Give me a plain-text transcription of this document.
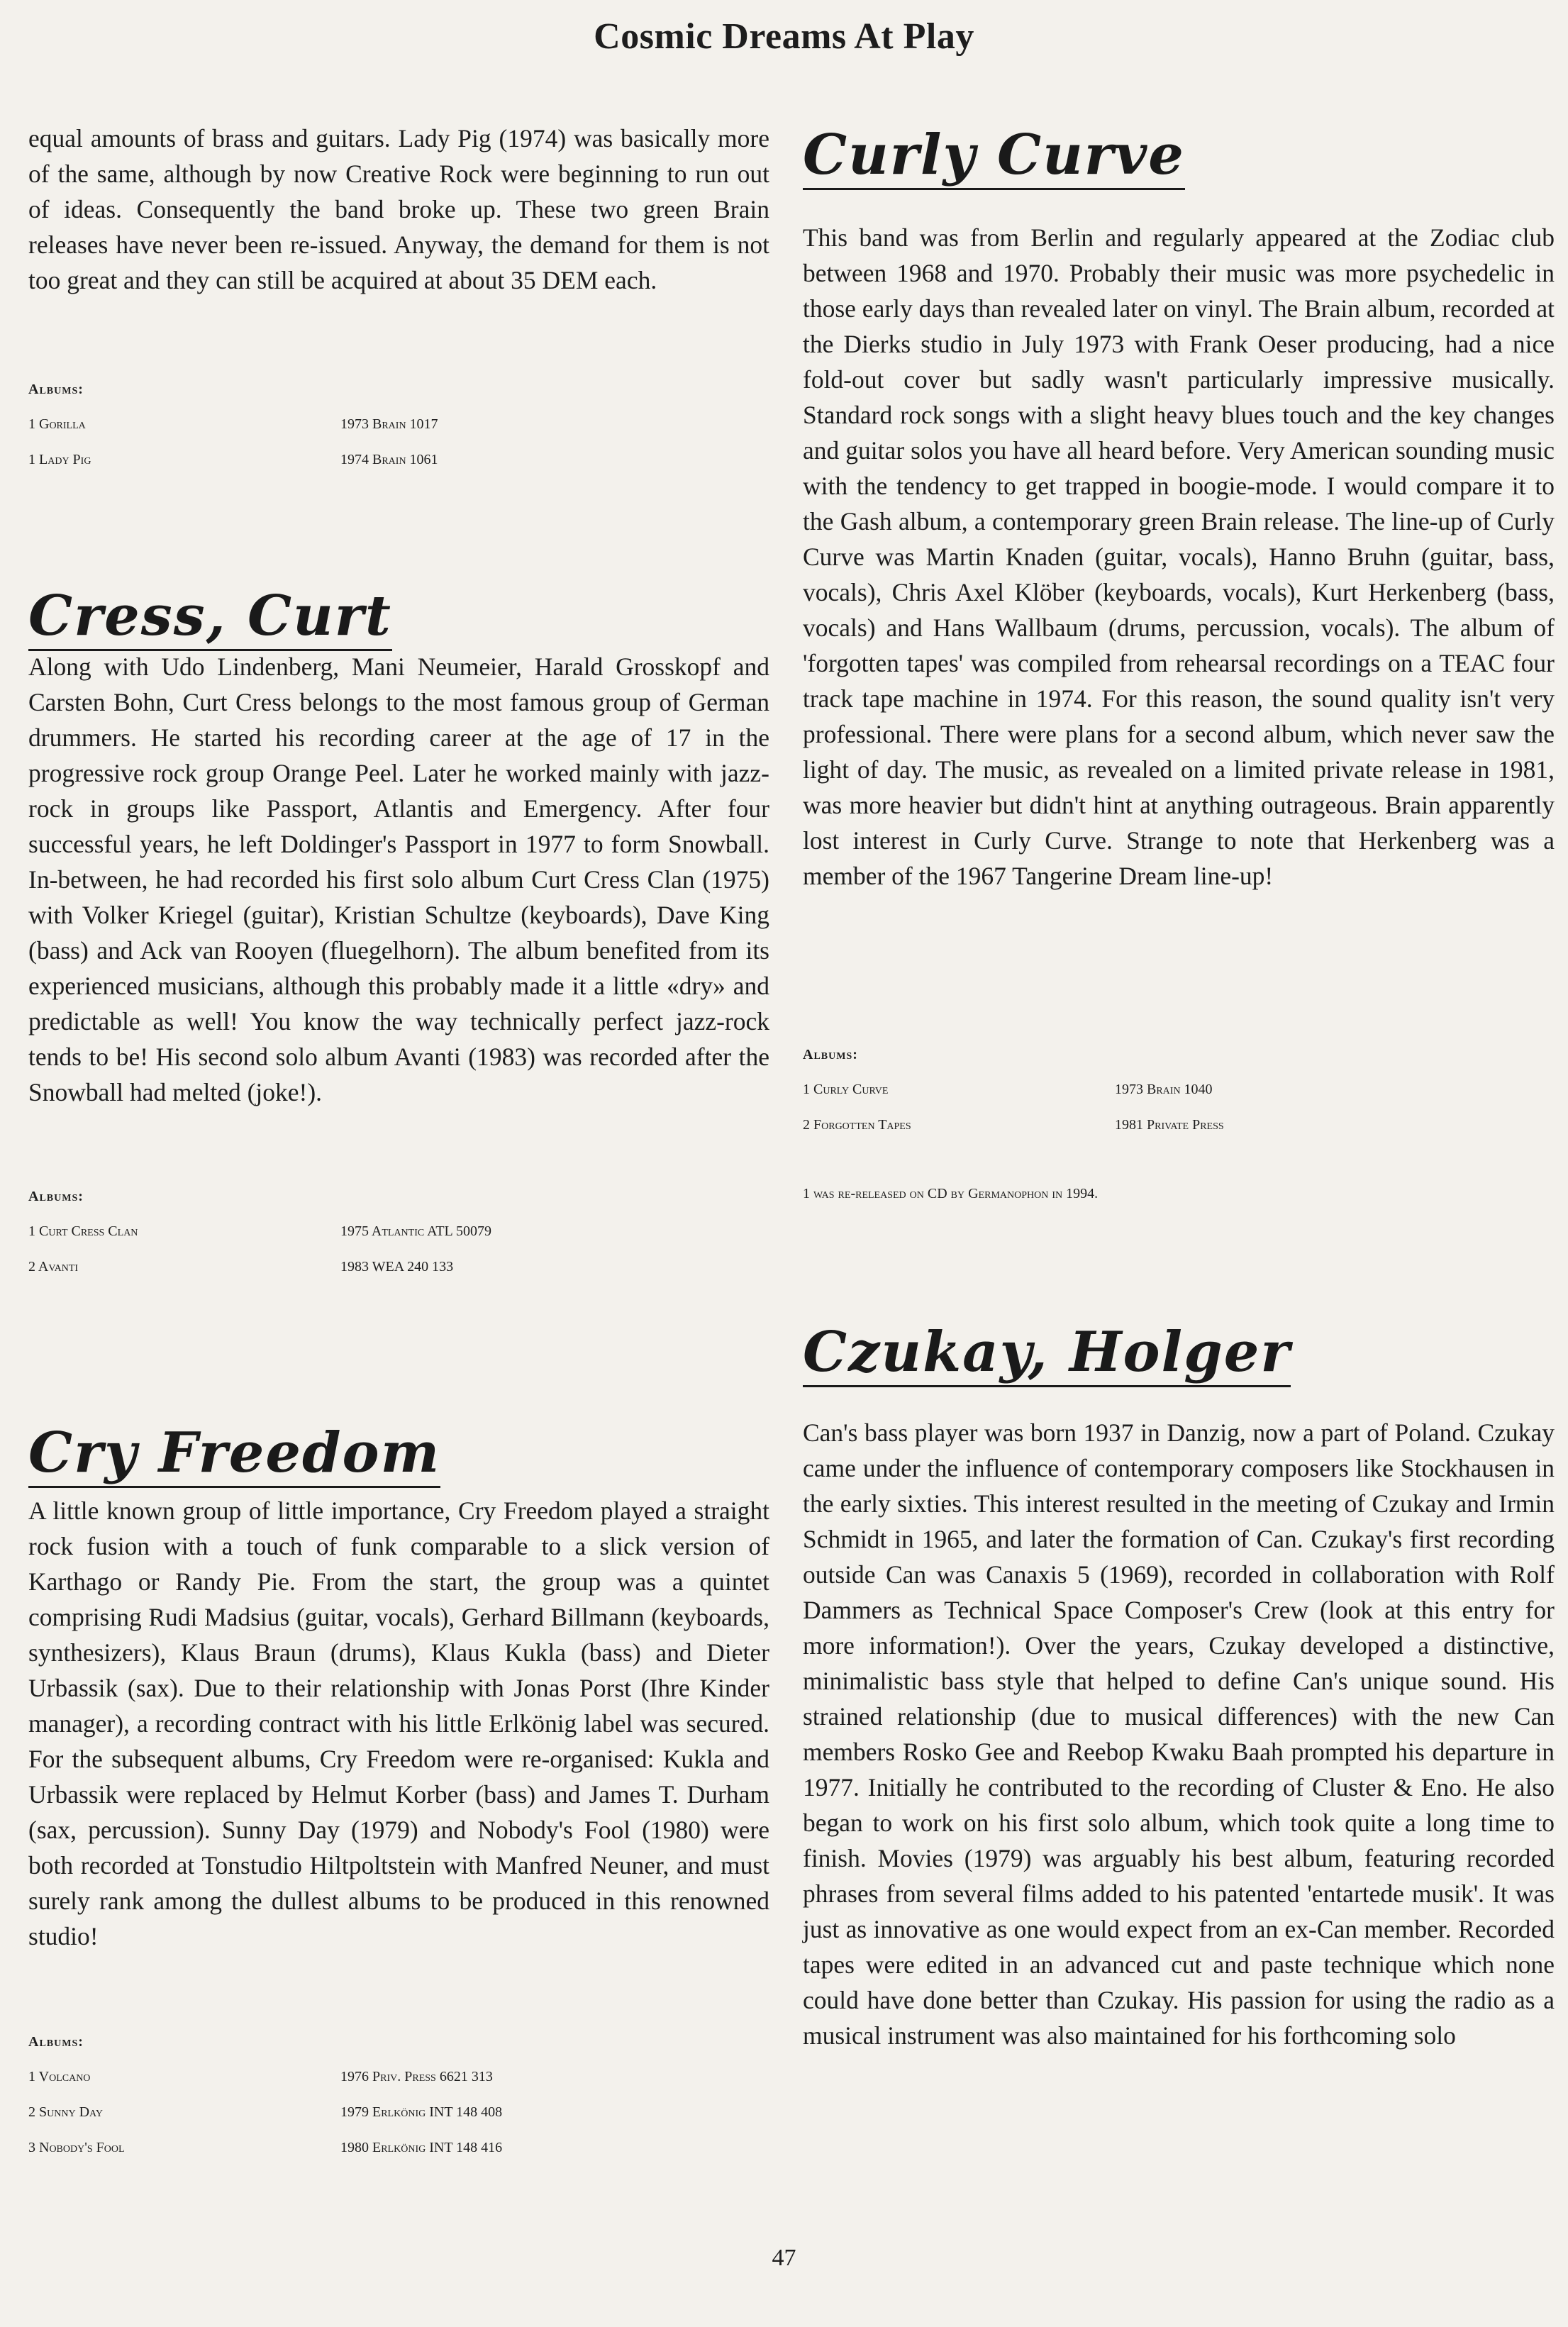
Cosmic Dreams At Play

equal amounts of brass and guitars. Lady Pig (1974) was basically more of the same, although by now Creative Rock were beginning to run out of ideas. Consequently the band broke up. These two green Brain releases have never been re-issued. Anyway, the demand for them is not too great and they can still be acquired at about 35 DEM each.

Albums:
1 Gorilla	1973 Brain 1017
1 Lady Pig	1974 Brain 1061
Cress, Curt

Along with Udo Lindenberg, Mani Neumeier, Harald Grosskopf and Carsten Bohn, Curt Cress belongs to the most famous group of German drummers. He started his recording career at the age of 17 in the progressive rock group Orange Peel. Later he worked mainly with jazz-rock in groups like Passport, Atlantis and Emergency. After four successful years, he left Doldinger's Passport in 1977 to form Snowball. In-between, he had recorded his first solo album Curt Cress Clan (1975) with Volker Kriegel (guitar), Kristian Schultze (keyboards), Dave King (bass) and Ack van Rooyen (fluegelhorn). The album benefited from its experienced musicians, although this probably made it a little «dry» and predictable as well! You know the way technically perfect jazz-rock tends to be! His second solo album Avanti (1983) was recorded after the Snowball had melted (joke!).

Albums:
1 Curt Cress Clan	1975 Atlantic ATL 50079
2 Avanti	1983 WEA 240 133
Cry Freedom

A little known group of little importance, Cry Freedom played a straight rock fusion with a touch of funk comparable to a slick version of Karthago or Randy Pie. From the start, the group was a quintet comprising Rudi Madsius (guitar, vocals), Gerhard Billmann (keyboards, synthesizers), Klaus Braun (drums), Klaus Kukla (bass) and Dieter Urbassik (sax). Due to their relationship with Jonas Porst (Ihre Kinder manager), a recording contract with his little Erlkönig label was secured. For the subsequent albums, Cry Freedom were re-organised: Kukla and Urbassik were replaced by Helmut Korber (bass) and James T. Durham (sax, percussion). Sunny Day (1979) and Nobody's Fool (1980) were both recorded at Tonstudio Hiltpoltstein with Manfred Neuner, and must surely rank among the dullest albums to be produced in this renowned studio!

Albums:
1 Volcano	1976 Priv. Press 6621 313
2 Sunny Day	1979 Erlkönig INT 148 408
3 Nobody's Fool	1980 Erlkönig INT 148 416
Curly Curve

This band was from Berlin and regularly appeared at the Zodiac club between 1968 and 1970. Probably their music was more psychedelic in those early days than revealed later on vinyl. The Brain album, recorded at the Dierks studio in July 1973 with Frank Oeser producing, had a nice fold-out cover but sadly wasn't particularly impressive musically. Standard rock songs with a slight heavy blues touch and the key changes and guitar solos you have all heard before. Very American sounding music with the tendency to get trapped in boogie-mode. I would compare it to the Gash album, a contemporary green Brain release. The line-up of Curly Curve was Martin Knaden (guitar, vocals), Hanno Bruhn (guitar, bass, vocals), Chris Axel Klöber (keyboards, vocals), Kurt Herkenberg (bass, vocals) and Hans Wallbaum (drums, percussion, vocals). The album of 'forgotten tapes' was compiled from rehearsal recordings on a TEAC four track tape machine in 1974. For this reason, the sound quality isn't very professional. There were plans for a second album, which never saw the light of day. The music, as revealed on a limited private release in 1981, was more heavier but didn't hint at anything outrageous. Brain apparently lost interest in Curly Curve. Strange to note that Herkenberg was a member of the 1967 Tangerine Dream line-up!

Albums:
1 Curly Curve	1973 Brain 1040
2 Forgotten Tapes	1981 Private Press
1 was re-released on CD by Germanophon in 1994.
Czukay, Holger

Can's bass player was born 1937 in Danzig, now a part of Poland. Czukay came under the influence of contemporary composers like Stockhausen in the early sixties. This interest resulted in the meeting of Czukay and Irmin Schmidt in 1965, and later the formation of Can. Czukay's first recording outside Can was Canaxis 5 (1969), recorded in collaboration with Rolf Dammers as Technical Space Composer's Crew (look at this entry for more information!). Over the years, Czukay developed a distinctive, minimalistic bass style that helped to define Can's unique sound. His strained relationship (due to musical differences) with the new Can members Rosko Gee and Reebop Kwaku Baah prompted his departure in 1977. Initially he contributed to the recording of Cluster & Eno. He also began to work on his first solo album, which took quite a long time to finish. Movies (1979) was arguably his best album, featuring recorded phrases from several films added to his patented 'entartede musik'. It was just as innovative as one would expect from an ex-Can member. Recorded tapes were edited in an advanced cut and paste technique which none could have done better than Czukay. His passion for using the radio as a musical instrument was also maintained for his forthcoming solo

47
